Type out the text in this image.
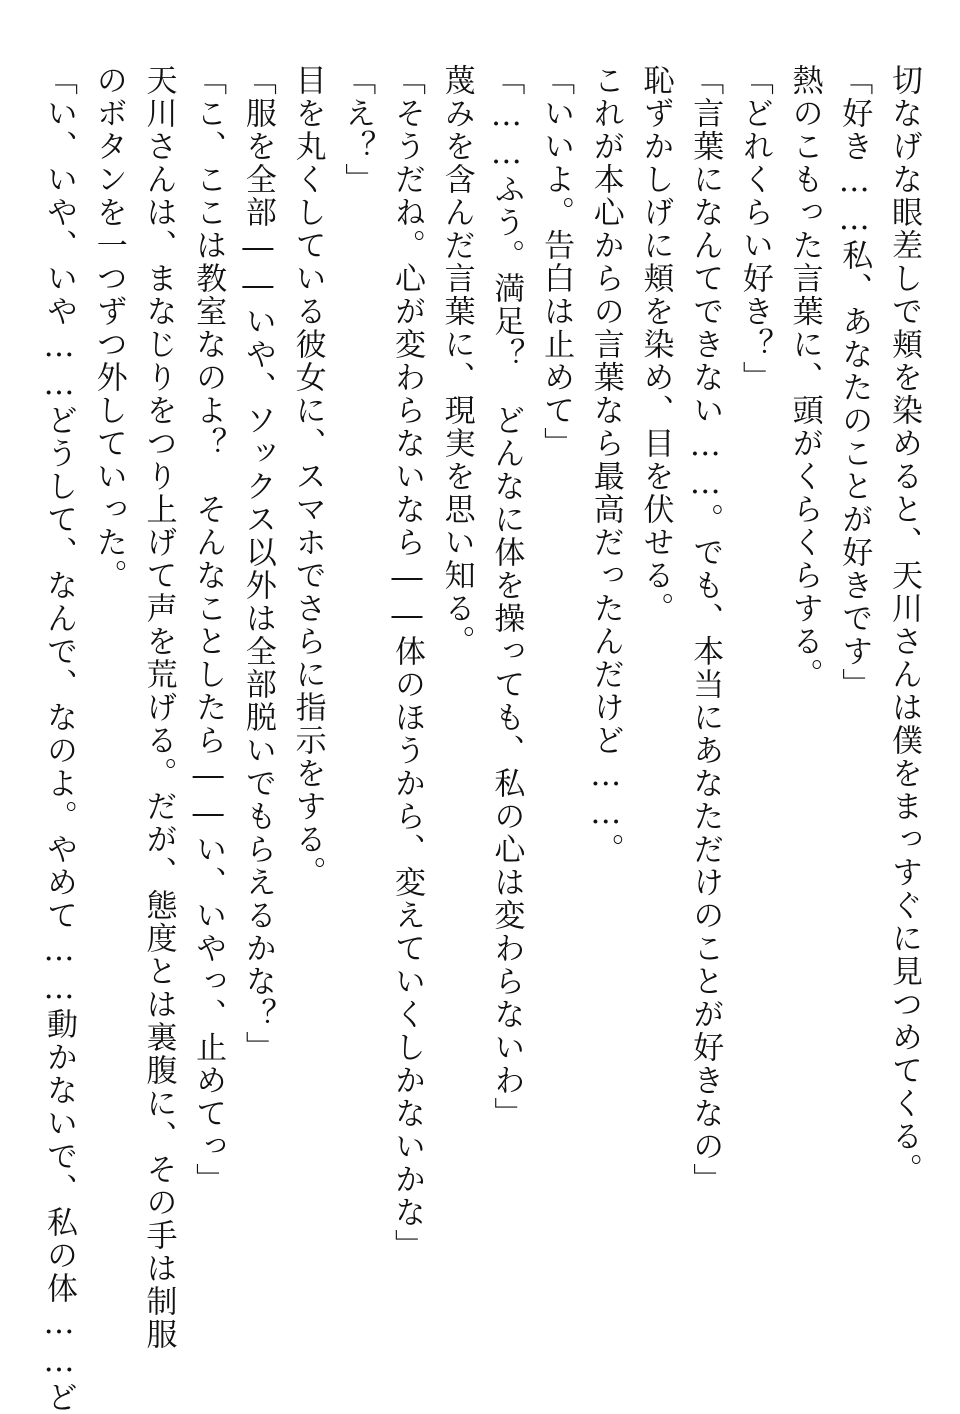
切なげな眼差しで頬を染めると、天川さんは僕をまっすぐに見つめてくる。
「好き……私、あなたのことが好きです」
熱のこもった言葉に、頭がくらくらする。
「どれくらい好き？」
「言葉になんてできない……。でも、本当にあなただけのことが好きなの」
恥ずかしげに頬を染め、目を伏せる。
これが本心からの言葉なら最高だったんだけど……。
「いいよ。告白は止めて」
「……ふう。満足？　どんなに体を操っても、私の心は変わらないわ」
蔑みを含んだ言葉に、現実を思い知る。
「そうだね。心が変わらないなら――体のほうから、変えていくしかないかな」
「え？」
目を丸くしている彼女に、スマホでさらに指示をする。
「服を全部――いや、ソックス以外は全部脱いでもらえるかな？」
「こ、ここは教室なのよ？　そんなことしたら――い、いやっ、止めてっ」
天川さんは、まなじりをつり上げて声を荒げる。だが、態度とは裏腹に、その手は制服
のボタンを一つずつ外していった。
「い、いや、いや……どうして、なんで、なのよ。やめて……動かないで、私の体……ど
